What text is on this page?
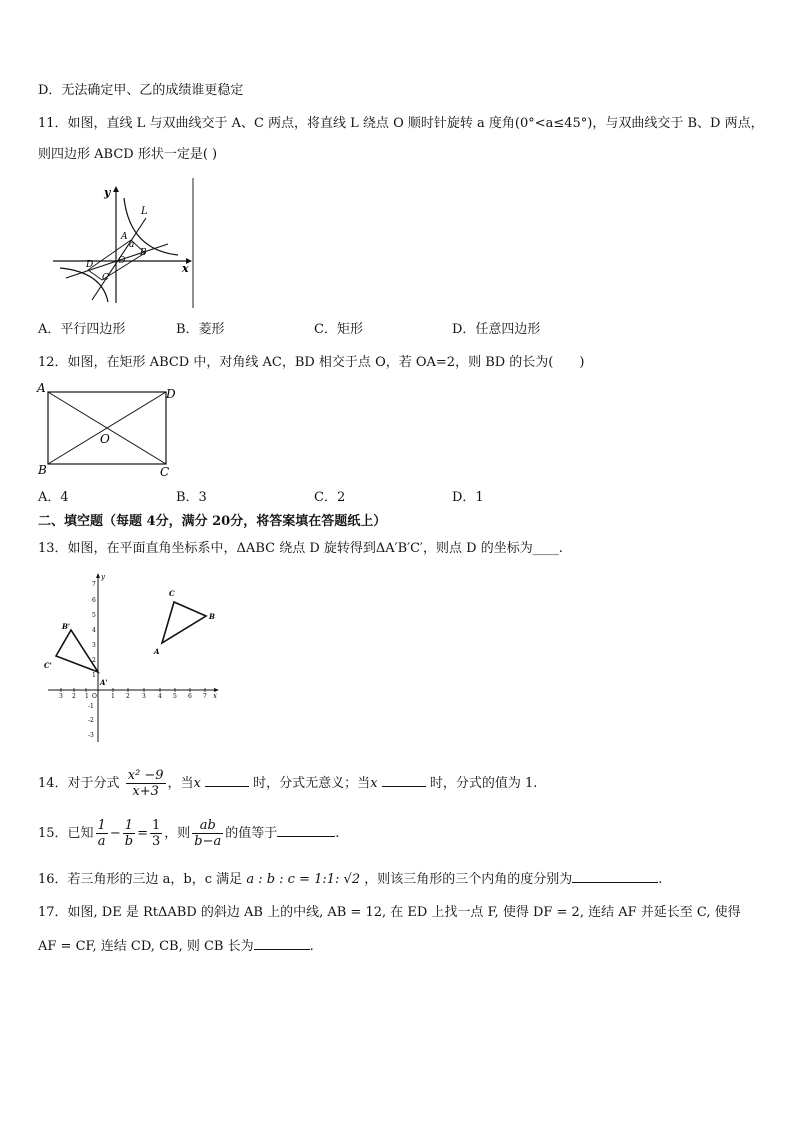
D．无法确定甲、乙的成绩谁更稳定
11．如图，直线 L 与双曲线交于 A、C 两点，将直线 L 绕点 O 顺时针旋转 a 度角(0°<a≤45°)，与双曲线交于 B、D 两点，
则四边形 ABCD 形状一定是( )
y
x
L
A
a
B
O
D
C
A．平行四边形	B．菱形	C．矩形	D．任意四边形
12．如图，在矩形 ABCD 中，对角线 AC，BD 相交于点 O，若 OA=2，则 BD 的长为(　　)
A	D
B	C
O
A．4	B．3	C．2	D．1
二、填空题（每题 4分，满分 20分，将答案填在答题纸上）
13．如图，在平面直角坐标系中，ΔABC 绕点 D 旋转得到ΔA′B′C′，则点 D 的坐标为____.
y
x
A
B
C
A'
B'
C'
3 2 1 O 1 2 3 4 5 6 7
7
6
5
4
3
2
1
-1
-2
-3
14．对于分式 $\frac{\text{x² −9}}{x+3}$ ，当x	时，分式无意义；当x	时，分式的值为 1.
15．已知 $\frac{1}{a} - \frac{1}{b} = \frac{1}{3}$ ，则 $\frac{ab}{b-a}$ 的值等于	.
16．若三角形的三边 a，b，c 满足 a : b : c = 1:1: √2 ，则该三角形的三个内角的度分别为	.
17．如图, DE 是 RtΔABD 的斜边 AB 上的中线, AB = 12, 在 ED 上找一点 F, 使得 DF = 2, 连结 AF 并延长至 C, 使得
AF = CF, 连结 CD, CB, 则 CB 长为	.
